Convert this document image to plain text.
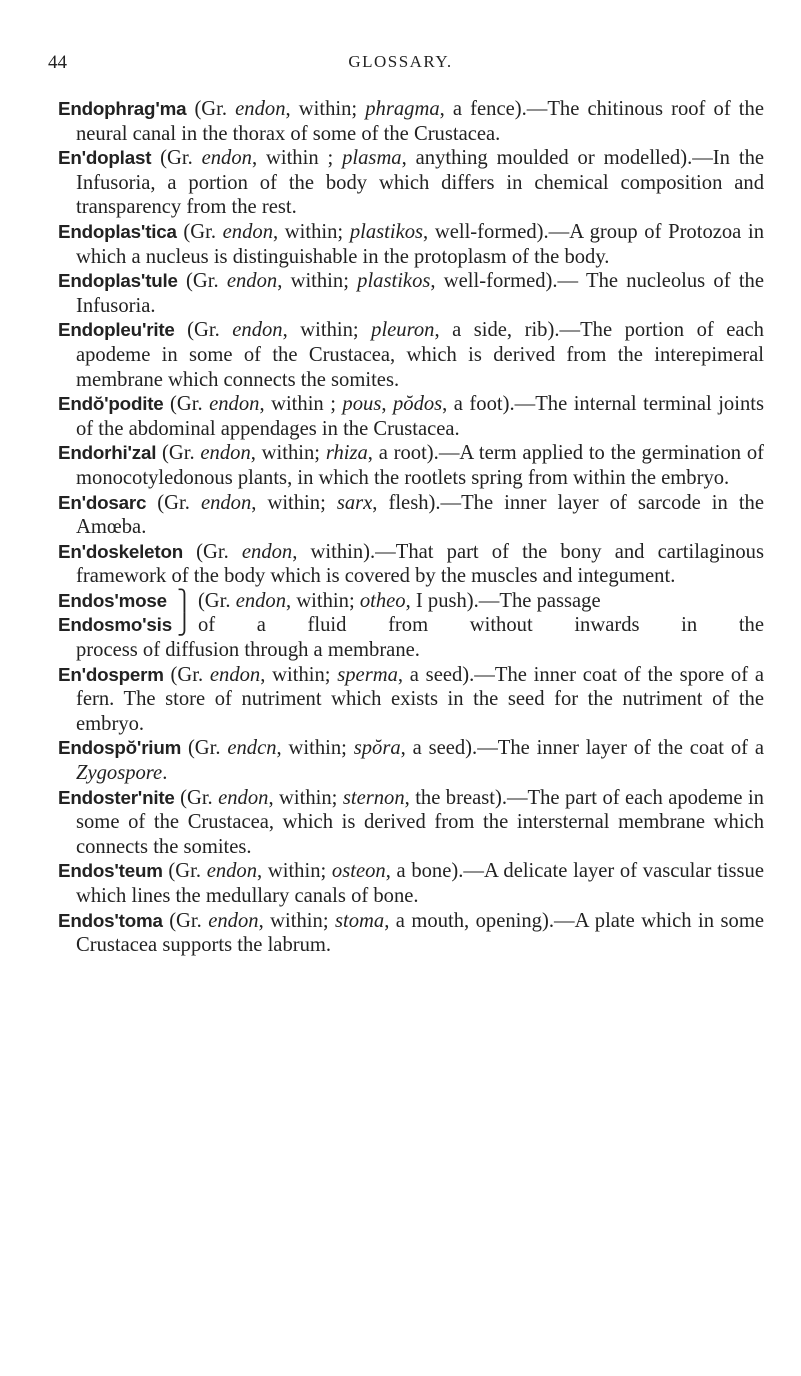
44	GLOSSARY.

Endophrag'ma (Gr. endon, within; phragma, a fence).—The chitinous roof of the neural canal in the thorax of some of the Crustacea.

En'doplast (Gr. endon, within ; plasma, anything moulded or modelled).—In the Infusoria, a portion of the body which differs in chemical composition and transparency from the rest.

Endoplas'tica (Gr. endon, within; plastikos, well-formed).—A group of Protozoa in which a nucleus is distinguishable in the protoplasm of the body.

Endoplas'tule (Gr. endon, within; plastikos, well-formed).— The nucleolus of the Infusoria.

Endopleu'rite (Gr. endon, within; pleuron, a side, rib).—The portion of each apodeme in some of the Crustacea, which is derived from the interepimeral membrane which connects the somites.

Endŏ'podite (Gr. endon, within ; pous, pŏdos, a foot).—The internal terminal joints of the abdominal appendages in the Crustacea.

Endorhi'zal (Gr. endon, within; rhiza, a root).—A term applied to the germination of monocotyledonous plants, in which the rootlets spring from within the embryo.

En'dosarc (Gr. endon, within; sarx, flesh).—The inner layer of sarcode in the Amœba.

En'doskeleton (Gr. endon, within).—That part of the bony and cartilaginous framework of the body which is covered by the muscles and integument.

Endos'mose
Endosmo'sis
⎫
⎭
(Gr. endon, within; otheo, I push).—The passage
of a fluid from without inwards in the

process of diffusion through a membrane.

En'dosperm (Gr. endon, within; sperma, a seed).—The inner coat of the spore of a fern. The store of nutriment which exists in the seed for the nutriment of the embryo.

Endospŏ'rium (Gr. endcn, within; spŏra, a seed).—The inner layer of the coat of a Zygospore.

Endoster'nite (Gr. endon, within; sternon, the breast).—The part of each apodeme in some of the Crustacea, which is derived from the intersternal membrane which connects the somites.

Endos'teum (Gr. endon, within; osteon, a bone).—A delicate layer of vascular tissue which lines the medullary canals of bone.

Endos'toma (Gr. endon, within; stoma, a mouth, opening).—A plate which in some Crustacea supports the labrum.
